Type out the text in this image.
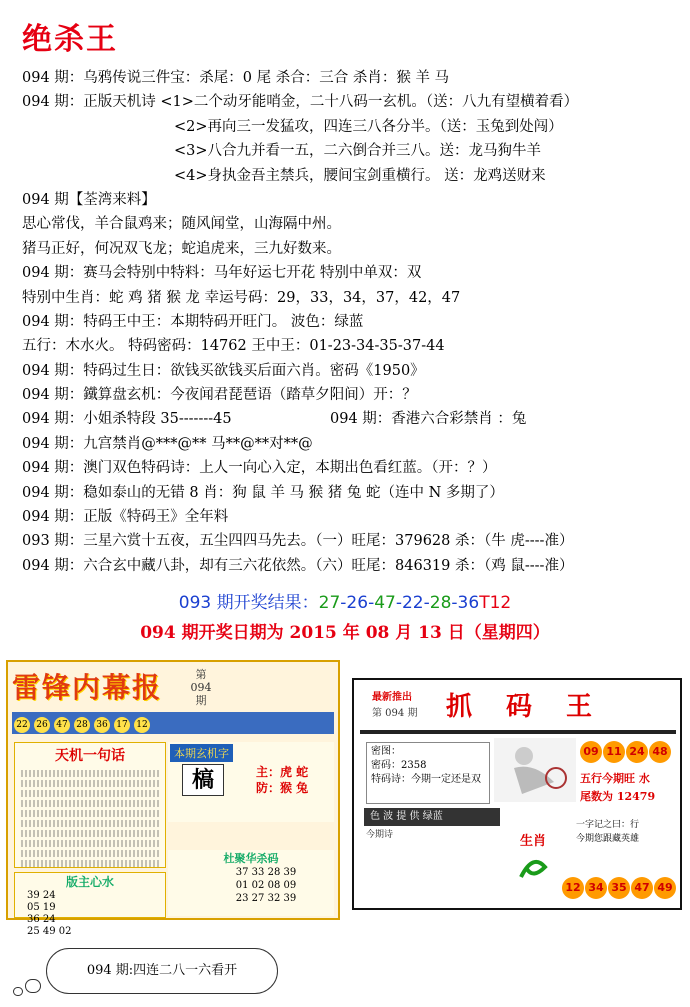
绝杀王
094 期：乌鸦传说三件宝：杀尾：0 尾 杀合：三合 杀肖：猴 羊 马
094 期：正版天机诗 <1>二个动牙能哨金，二十八码一玄机。（送：八九有望横着看）
<2>再向三一发猛攻，四连三八各分半。（送：玉兔到处闯）
<3>八合九并看一五，二六倒合并三八。送：龙马狗牛羊
<4>身执金吾主禁兵，腰间宝剑重横行。 送：龙鸡送财来
094 期【荃湾来料】
思心常伐，羊合鼠鸡来；随风闻堂，山海隔中州。
猪马正好，何况双飞龙；蛇追虎来，三九好数来。
094 期：赛马会特别中特料：马年好运七开花 特别中单双：双
特别中生肖：蛇 鸡 猪 猴 龙 幸运号码：29，33，34，37，42，47
094 期：特码王中王：本期特码开旺门。 波色：绿蓝
五行：木水火。 特码密码：14762 王中王：01-23-34-35-37-44
094 期：特码过生日：欲钱买欲钱买后面六肖。密码《1950》
094 期：鐵算盘玄机：今夜闻君琵琶语（踏草夕阳间）开：？
094 期：小姐杀特段 35-------45	094 期：香港六合彩禁肖 ：兔
094 期：九宫禁肖@***@** 马**@**对**@
094 期：澳门双色特码诗：上人一向心入定，本期出色看红蓝。（开：？）
094 期：稳如泰山的无错 8 肖：狗 鼠 羊 马 猴 猪 兔 蛇（连中 N 多期了）
094 期：正版《特码王》全年料
093 期：三星六赏十五夜，五尘四四马先去。（一）旺尾：379628 杀：（牛 虎----准）
094 期：六合玄中藏八卦，却有三六花依然。（六）旺尾：846319 杀：（鸡 鼠----准）
093 期开奖结果：27-26-47-22-28-36T12
094 期开奖日期为 2015 年 08 月 13 日（星期四）
雷锋内幕报	第094期
22 26 47 28 36 17 12
天机一句话	本期玄机字
槁	主：虎 蛇
防：猴 兔
版主心水
39 24
05 19
36 24
25 49 02
杜聚华杀码
37 33 28 39
01 02 08 09
23 27 32 39
最新推出
第 094 期 抓码王
密图：
密码：2358
特码诗：今期一定还是双
09 11 24 48
五行今期旺 水
尾数为 12479
色 波 提 供 绿蓝
今期诗	生肖
一字记之曰：行
今期您跟藏英雄
12 34 35 47 49
094 期:四连二八一六看开
